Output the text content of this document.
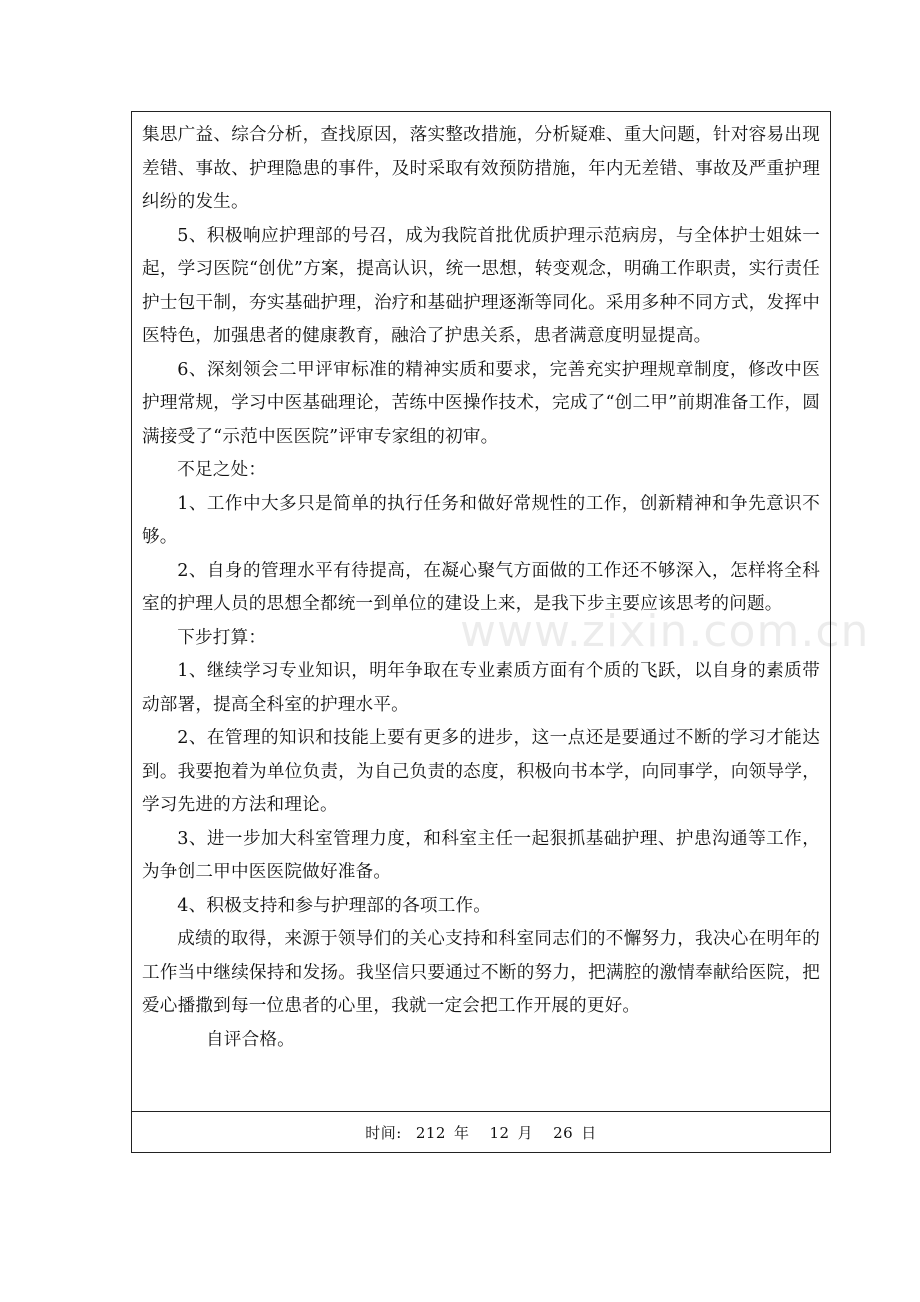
集思广益、综合分析，查找原因，落实整改措施，分析疑难、重大问题，针对容易出现差错、事故、护理隐患的事件，及时采取有效预防措施，年内无差错、事故及严重护理纠纷的发生。

5、积极响应护理部的号召，成为我院首批优质护理示范病房，与全体护士姐妹一起，学习医院“创优”方案，提高认识，统一思想，转变观念，明确工作职责，实行责任护士包干制，夯实基础护理，治疗和基础护理逐渐等同化。采用多种不同方式，发挥中医特色，加强患者的健康教育，融洽了护患关系，患者满意度明显提高。

6、深刻领会二甲评审标准的精神实质和要求，完善充实护理规章制度，修改中医护理常规，学习中医基础理论，苦练中医操作技术，完成了“创二甲”前期准备工作，圆满接受了“示范中医医院”评审专家组的初审。

不足之处：

1、工作中大多只是简单的执行任务和做好常规性的工作，创新精神和争先意识不够。

2、自身的管理水平有待提高，在凝心聚气方面做的工作还不够深入，怎样将全科室的护理人员的思想全都统一到单位的建设上来，是我下步主要应该思考的问题。

下步打算：

1、继续学习专业知识，明年争取在专业素质方面有个质的飞跃，以自身的素质带动部署，提高全科室的护理水平。

2、在管理的知识和技能上要有更多的进步，这一点还是要通过不断的学习才能达到。我要抱着为单位负责，为自己负责的态度，积极向书本学，向同事学，向领导学，学习先进的方法和理论。

3、进一步加大科室管理力度，和科室主任一起狠抓基础护理、护患沟通等工作，为争创二甲中医医院做好准备。

4、积极支持和参与护理部的各项工作。

成绩的取得，来源于领导们的关心支持和科室同志们的不懈努力，我决心在明年的工作当中继续保持和发扬。我坚信只要通过不断的努力，把满腔的激情奉献给医院，把爱心播撒到每一位患者的心里，我就一定会把工作开展的更好。

自评合格。

时间: 212 年 12 月 26 日
www.zixin.com.cn
